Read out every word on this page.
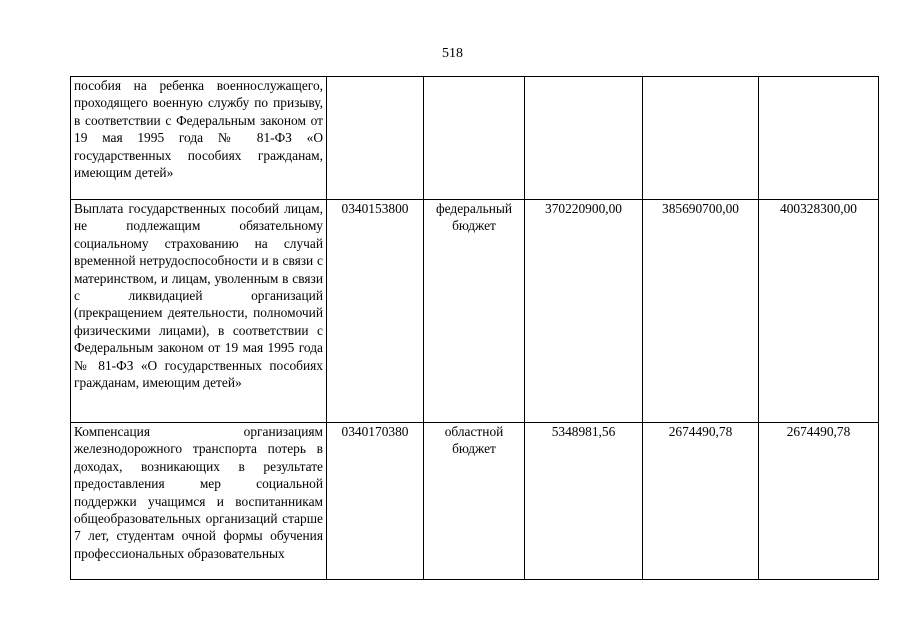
518
пособия на ребенка военнослужащего, проходящего военную службу по призыву, в соответствии с Федеральным законом от 19 мая 1995 года № 81-ФЗ «О государственных пособиях гражданам, имеющим детей»					
Выплата государственных пособий лицам, не подлежащим обязательному социальному страхованию на случай временной нетрудоспособности и в связи с материнством, и лицам, уволенным в связи с ликвидацией организаций (прекращением деятельности, полномочий физическими лицами), в соответствии с Федеральным законом от 19 мая 1995 года № 81-ФЗ «О государственных пособиях гражданам, имеющим детей»	0340153800	федеральный бюджет	370220900,00	385690700,00	400328300,00
Компенсация организациям железнодорожного транспорта потерь в доходах, возникающих в результате предоставления мер социальной поддержки учащимся и воспитанникам общеобразовательных организаций старше 7 лет, студентам очной формы обучения профессиональных образовательных	0340170380	областной бюджет	5348981,56	2674490,78	2674490,78
